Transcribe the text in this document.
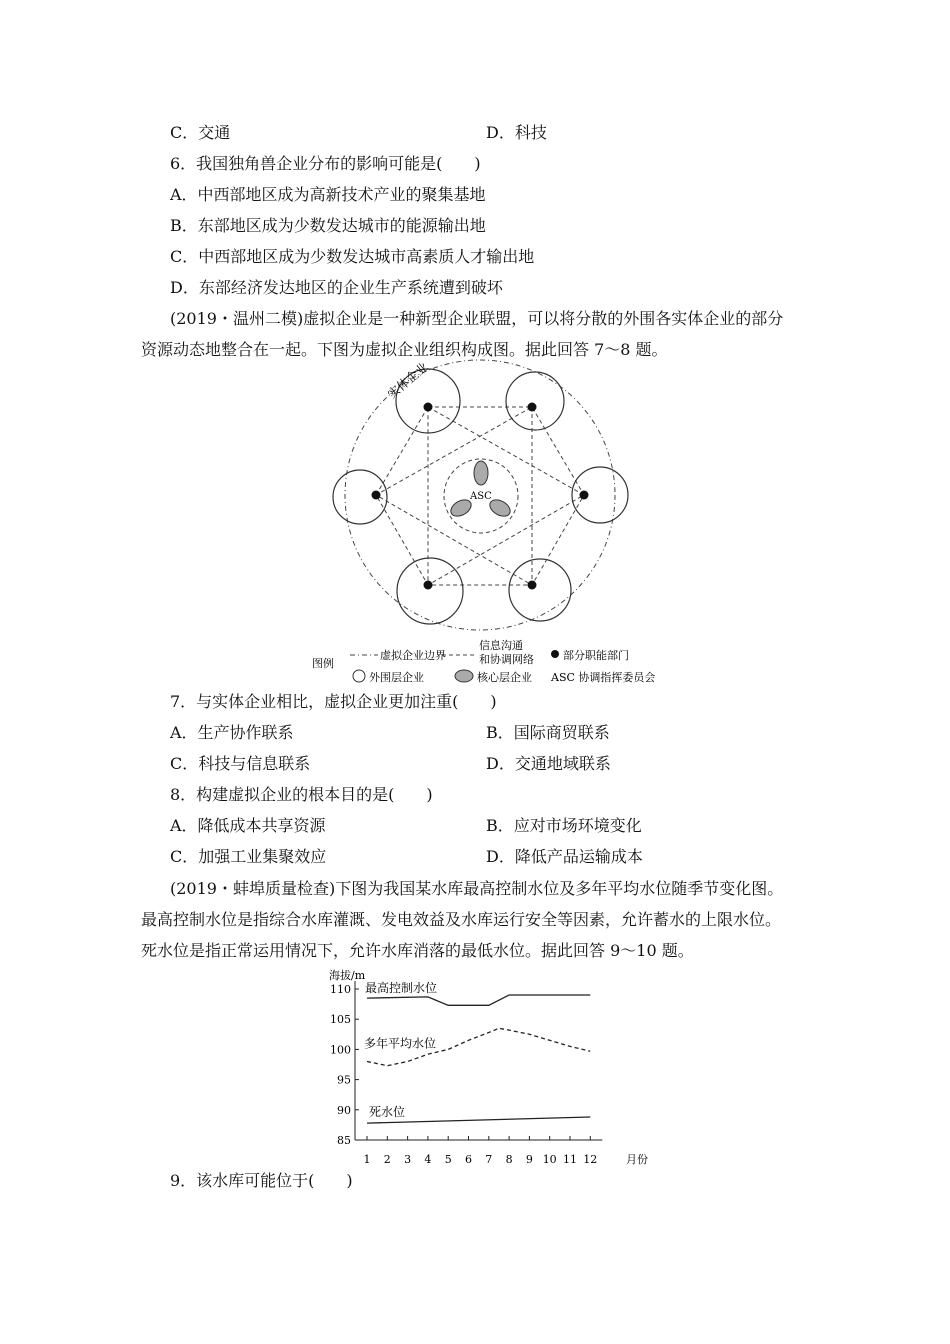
C．交通	D．科技
6．我国独角兽企业分布的影响可能是(　　)
A．中西部地区成为高新技术产业的聚集基地
B．东部地区成为少数发达城市的能源输出地
C．中西部地区成为少数发达城市高素质人才输出地
D．东部经济发达地区的企业生产系统遭到破坏
(2019・温州二模)虚拟企业是一种新型企业联盟，可以将分散的外围各实体企业的部分
资源动态地整合在一起。下图为虚拟企业组织构成图。据此回答 7～8 题。
ASC
实体企业
图例
虚拟企业边界
信息沟通
和协调网络	部分职能部门
外围层企业	核心层企业 ASC 协调指挥委员会
7．与实体企业相比，虚拟企业更加注重(　　)
A．生产协作联系	B．国际商贸联系
C．科技与信息联系	D．交通地域联系
8．构建虚拟企业的根本目的是(　　)
A．降低成本共享资源	B．应对市场环境变化
C．加强工业集聚效应	D．降低产品运输成本
(2019・蚌埠质量检查)下图为我国某水库最高控制水位及多年平均水位随季节变化图。
最高控制水位是指综合水库灌溉、发电效益及水库运行安全等因素，允许蓄水的上限水位。
死水位是指正常运用情况下，允许水库消落的最低水位。据此回答 9～10 题。
海拔/m
月份
85
90
95
100
105
110
1 2 3 4 5 6 7 8 9 10 11 12
最高控制水位
多年平均水位
死水位
9．该水库可能位于(　　)
